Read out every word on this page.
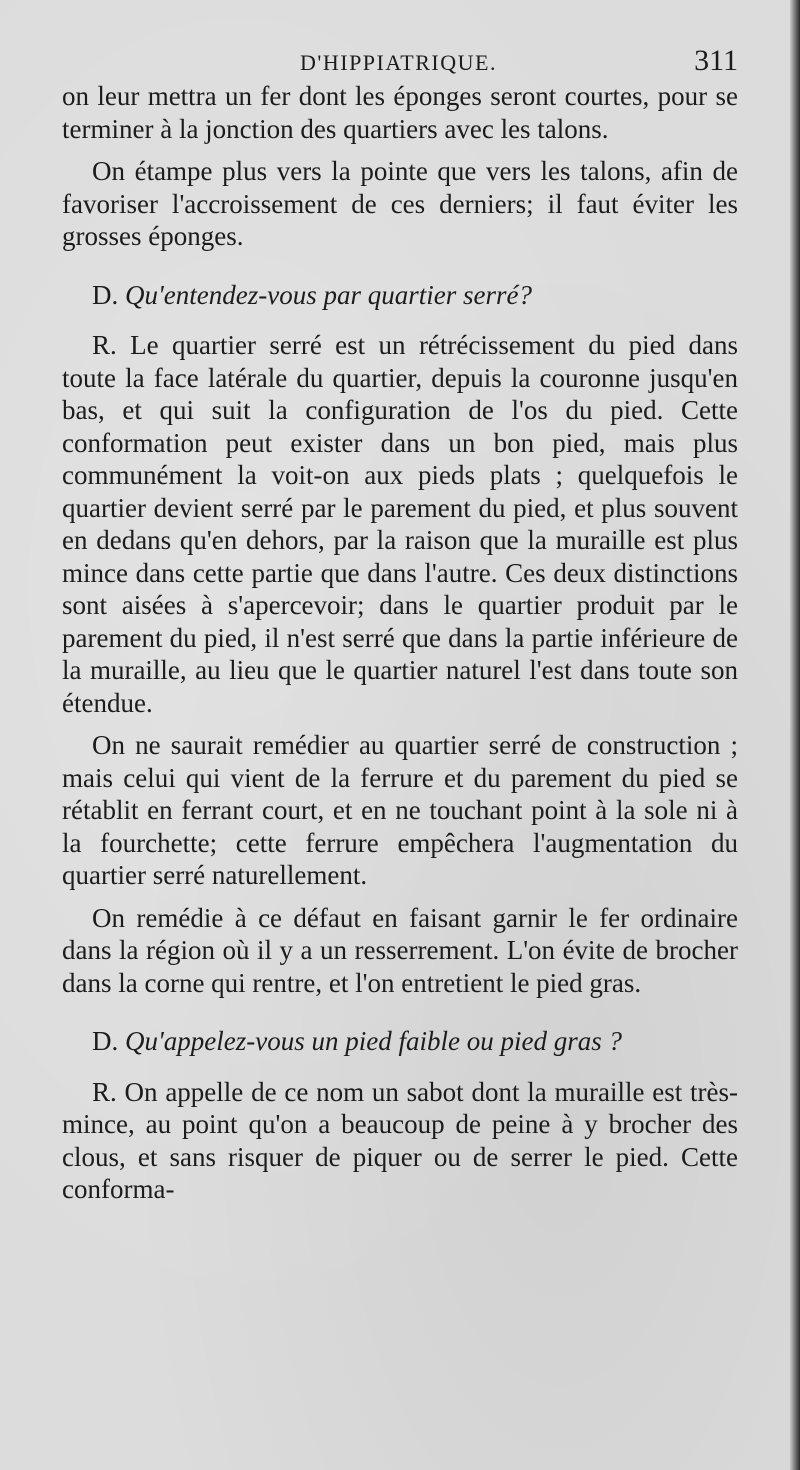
D'HIPPIATRIQUE.	311

on leur mettra un fer dont les éponges seront courtes, pour se terminer à la jonction des quartiers avec les talons.

On étampe plus vers la pointe que vers les talons, afin de favoriser l'accroissement de ces derniers; il faut éviter les grosses éponges.

D. Qu'entendez-vous par quartier serré?

R. Le quartier serré est un rétrécissement du pied dans toute la face latérale du quartier, depuis la couronne jusqu'en bas, et qui suit la configuration de l'os du pied. Cette conformation peut exister dans un bon pied, mais plus communément la voit-on aux pieds plats ; quelquefois le quartier devient serré par le parement du pied, et plus souvent en dedans qu'en dehors, par la raison que la muraille est plus mince dans cette partie que dans l'autre. Ces deux distinctions sont aisées à s'apercevoir; dans le quartier produit par le parement du pied, il n'est serré que dans la partie inférieure de la muraille, au lieu que le quartier naturel l'est dans toute son étendue.

On ne saurait remédier au quartier serré de construction ; mais celui qui vient de la ferrure et du parement du pied se rétablit en ferrant court, et en ne touchant point à la sole ni à la fourchette; cette ferrure empêchera l'augmentation du quartier serré naturellement.

On remédie à ce défaut en faisant garnir le fer ordinaire dans la région où il y a un resserrement. L'on évite de brocher dans la corne qui rentre, et l'on entretient le pied gras.

D. Qu'appelez-vous un pied faible ou pied gras ?

R. On appelle de ce nom un sabot dont la muraille est très-mince, au point qu'on a beaucoup de peine à y brocher des clous, et sans risquer de piquer ou de serrer le pied. Cette conforma-
